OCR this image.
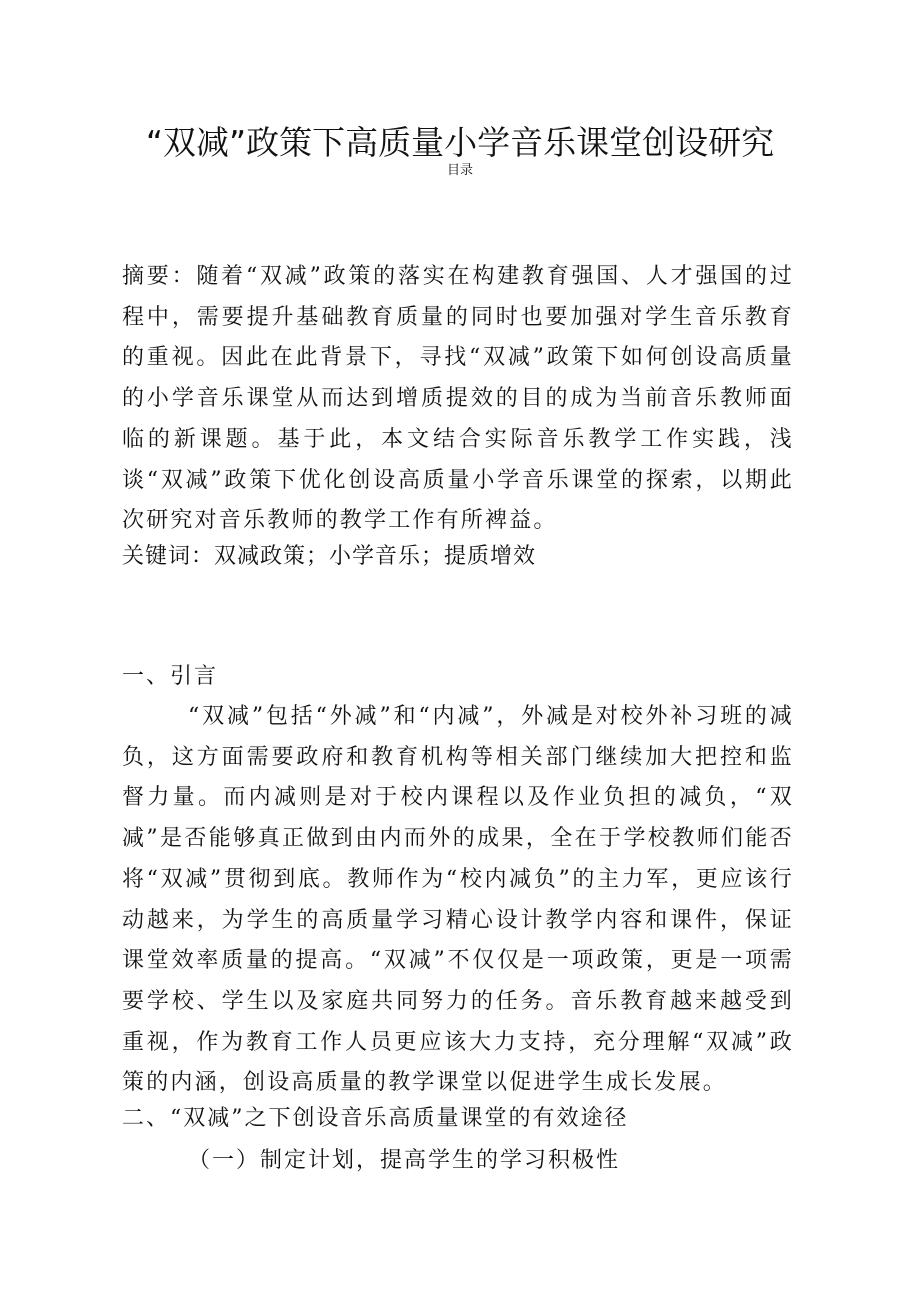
“双减”政策下高质量小学音乐课堂创设研究
目录
摘要：随着“双减”政策的落实在构建教育强国、人才强国的过程中，需要提升基础教育质量的同时也要加强对学生音乐教育的重视。因此在此背景下，寻找“双减”政策下如何创设高质量的小学音乐课堂从而达到增质提效的目的成为当前音乐教师面临的新课题。基于此，本文结合实际音乐教学工作实践，浅谈“双减”政策下优化创设高质量小学音乐课堂的探索，以期此次研究对音乐教师的教学工作有所裨益。
关键词：双减政策；小学音乐；提质增效
一、引言
“双减”包括“外减”和“内减”，外减是对校外补习班的减负，这方面需要政府和教育机构等相关部门继续加大把控和监督力量。而内减则是对于校内课程以及作业负担的减负，“双减”是否能够真正做到由内而外的成果，全在于学校教师们能否将“双减”贯彻到底。教师作为“校内减负”的主力军，更应该行动越来，为学生的高质量学习精心设计教学内容和课件，保证课堂效率质量的提高。“双减”不仅仅是一项政策，更是一项需要学校、学生以及家庭共同努力的任务。音乐教育越来越受到重视，作为教育工作人员更应该大力支持，充分理解“双减”政策的内涵，创设高质量的教学课堂以促进学生成长发展。
二、“双减”之下创设音乐高质量课堂的有效途径
（一）制定计划，提高学生的学习积极性
